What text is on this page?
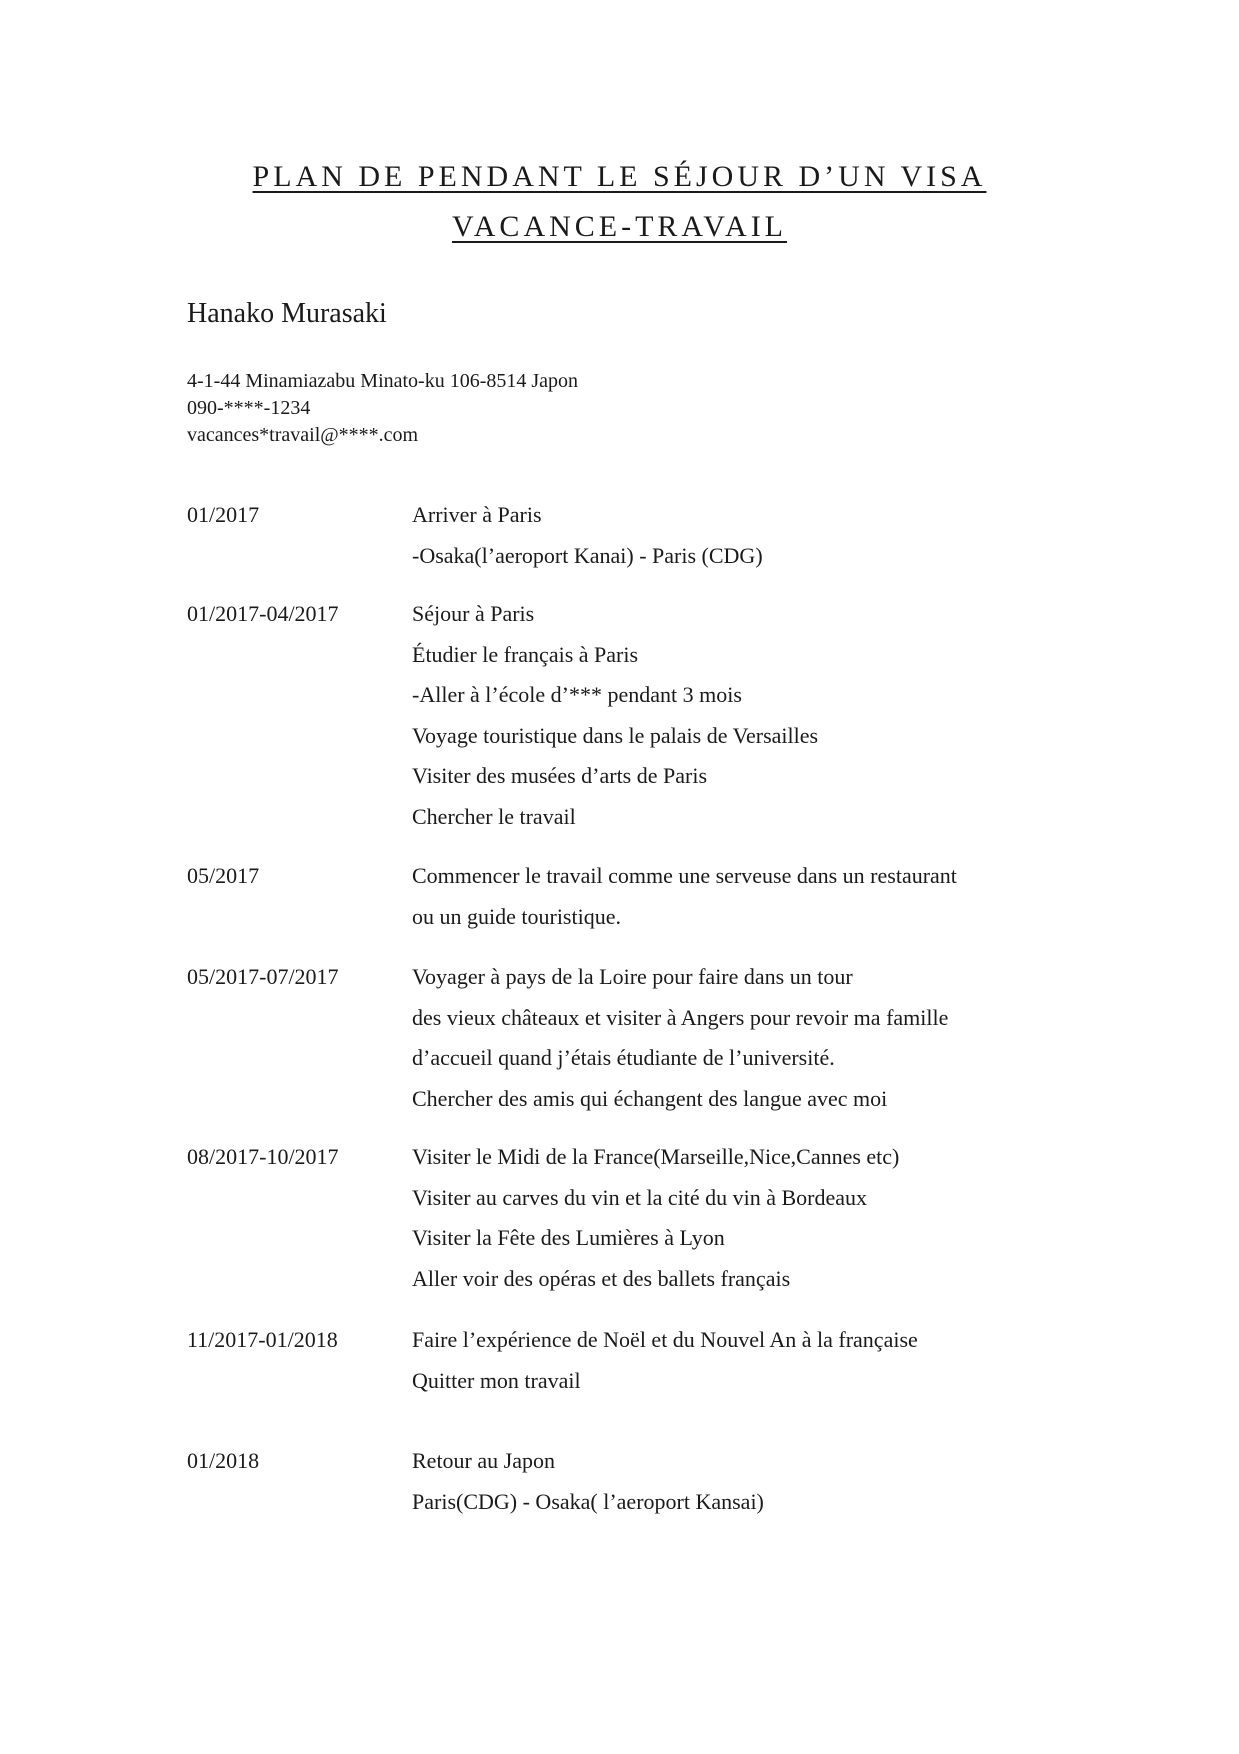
PLAN DE PENDANT LE SÉJOUR D’UN VISA
VACANCE-TRAVAIL
Hanako Murasaki
4-1-44 Minamiazabu Minato-ku 106-8514 Japon
090-****-1234
vacances*travail@****.com
01/2017	Arriver à Paris
-Osaka(l’aeroport Kanai) - Paris (CDG)
01/2017-04/2017	Séjour à Paris
Étudier le français à Paris
-Aller à l’école d’*** pendant 3 mois
Voyage touristique dans le palais de Versailles
Visiter des musées d’arts de Paris
Chercher le travail
05/2017	Commencer le travail comme une serveuse dans un restaurant
ou un guide touristique.
05/2017-07/2017	Voyager à pays de la Loire pour faire dans un tour
des vieux châteaux et visiter à Angers pour revoir ma famille
d’accueil quand j’étais étudiante de l’université.
Chercher des amis qui échangent des langue avec moi
08/2017-10/2017	Visiter le Midi de la France(Marseille,Nice,Cannes etc)
Visiter au carves du vin et la cité du vin à Bordeaux
Visiter la Fête des Lumières à Lyon
Aller voir des opéras et des ballets français
11/2017-01/2018	Faire l’expérience de Noël et du Nouvel An à la française
Quitter mon travail
01/2018	Retour au Japon
Paris(CDG) - Osaka( l’aeroport Kansai)
